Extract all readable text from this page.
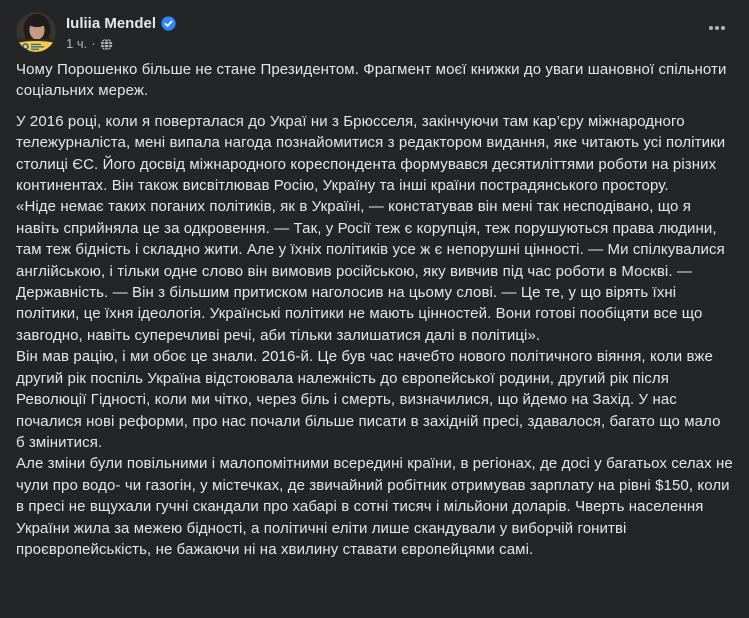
Iuliia Mendel
1 ч. ·

Чому Порошенко більше не стане Президентом. Фрагмент моєї книжки до уваги шановної спільноти соціальних мереж.

У 2016 році, коли я поверталася до Украї ни з Брюсселя, закінчуючи там кар’єру міжнародного тележурналіста, мені випала нагода познайомитися з редактором видання, яке читають усі політики столиці ЄС. Його досвід міжнародного кореспондента формувався десятиліттями роботи на різних континентах. Він також висвітлював Росію, Україну та інші країни пострадянського простору.

«Ніде немає таких поганих політиків, як в Україні, — констатував він мені так несподівано, що я навіть сприйняла це за одкровення. — Так, у Росії теж є корупція, теж порушуються права людини, там теж бідність і складно жити. Але у їхніх політиків усе ж є непорушні цінності. — Ми спілкувалися англійською, і тільки одне слово він вимовив російською, яку вивчив під час роботи в Москві. — Державність. — Він з більшим притиском наголосив на цьому слові. — Це те, у що вірять їхні політики, це їхня ідеологія. Українські політики не мають цінностей. Вони готові пообіцяти все що завгодно, навіть суперечливі речі, аби тільки залишатися далі в політиці».

Він мав рацію, і ми обоє це знали. 2016-й. Це був час начебто нового політичного віяння, коли вже другий рік поспіль Україна відстоювала належність до європейської родини, другий рік після Революції Гідності, коли ми чітко, через біль і смерть, визначилися, що йдемо на Захід. У нас почалися нові реформи, про нас почали більше писати в західній пресі, здавалося, багато що мало б змінитися.

Але зміни були повільними і малопомітними всередині країни, в регіонах, де досі у багатьох селах не чули про водо- чи газогін, у містечках, де звичайний робітник отримував зарплату на рівні $150, коли в пресі не вщухали гучні скандали про хабарі в сотні тисяч і мільйони доларів. Чверть населення України жила за межею бідності, а політичні еліти лише скандували у виборчій гонитві

проєвропейськість, не бажаючи ні на хвилину ставати європейцями самі.
